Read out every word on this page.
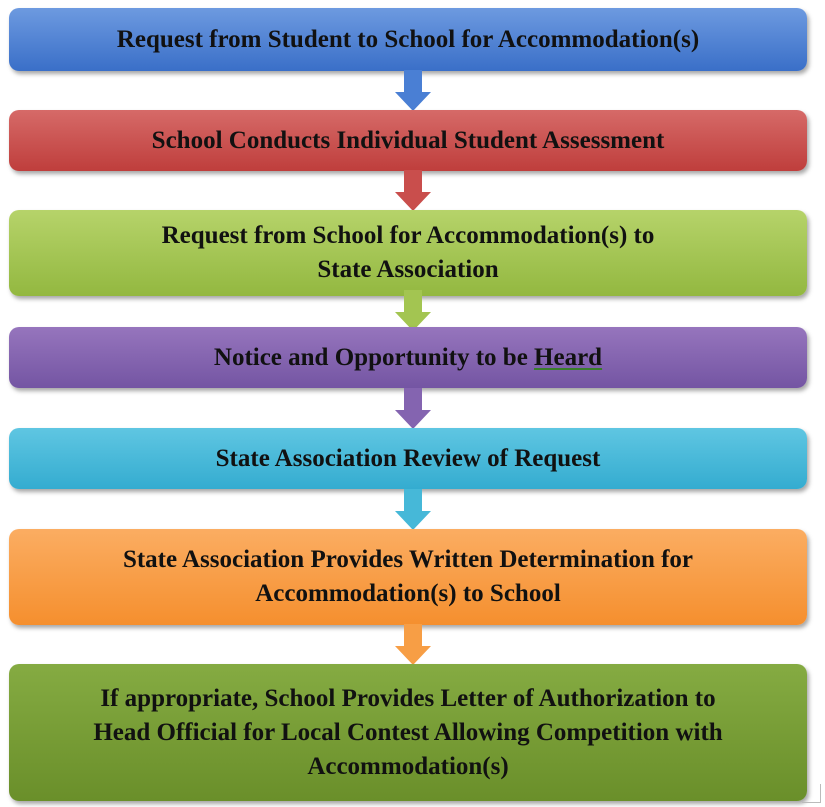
Request from Student to School for Accommodation(s)
School Conducts Individual Student Assessment
Request from School for Accommodation(s) to
State Association
Notice and Opportunity to be Heard
State Association Review of Request
State Association Provides Written Determination for
Accommodation(s) to School
If appropriate, School Provides Letter of Authorization to
Head Official for Local Contest Allowing Competition with
Accommodation(s)
